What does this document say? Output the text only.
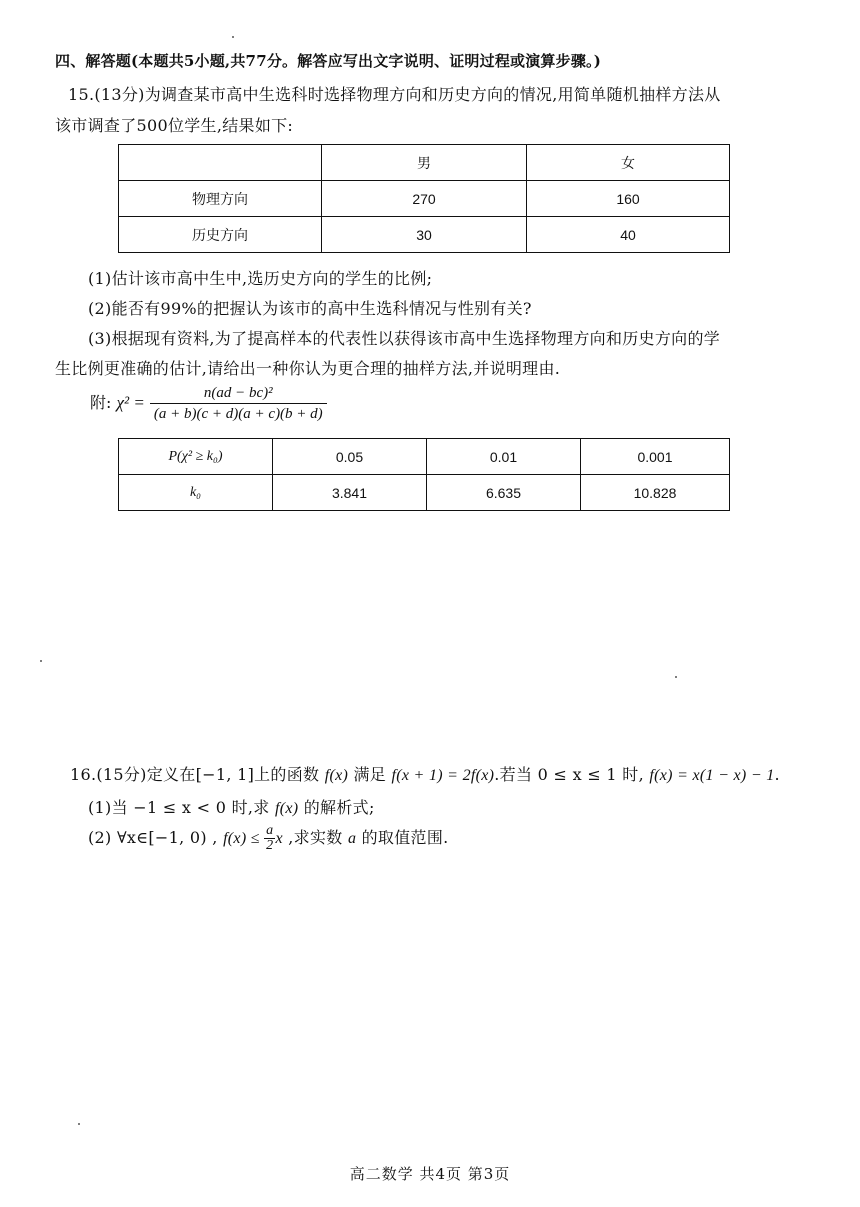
四、解答题(本题共5小题,共77分。解答应写出文字说明、证明过程或演算步骤。)
15.(13分)为调查某市高中生选科时选择物理方向和历史方向的情况,用简单随机抽样方法从
该市调查了500位学生,结果如下:
	男	女
物理方向	270	160
历史方向	30	40
(1)估计该市高中生中,选历史方向的学生的比例;
(2)能否有99%的把握认为该市的高中生选科情况与性别有关?
(3)根据现有资料,为了提高样本的代表性以获得该市高中生选择物理方向和历史方向的学
生比例更准确的估计,请给出一种你认为更合理的抽样方法,并说明理由.
附: $\chi^2 = \frac{\text{n(ad − bc)²}}{(a + b)(c + d)(a + c)(b + d)}$
P(χ² ≥ k₀)	0.05	0.01	0.001
k₀	3.841	6.635	10.828
16.(15分)定义在[−1, 1]上的函数 f(x) 满足 f(x + 1) = 2f(x).若当 0 ≤ x ≤ 1 时, f(x) = x(1 − x) − 1.
(1)当 −1 ≤ x < 0 时,求 f(x) 的解析式;
(2) ∀x∈[−1, 0) , $f(x) \le \frac{a}{2}$ x ,求实数 a 的取值范围.
高二数学 共4页 第3页
